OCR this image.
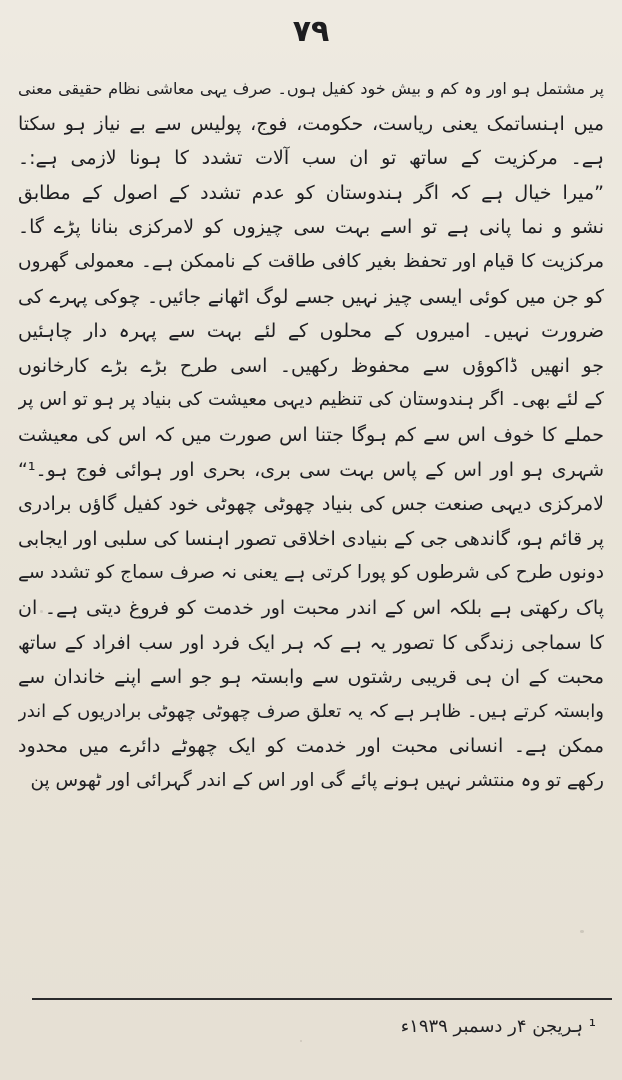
٧٩
پر مشتمل ہو اور وہ کم و بیش خود کفیل ہوں۔ صرف یہی معاشی نظام حقیقی معنی
میں اہنساتمک یعنی ریاست، حکومت، فوج، پولیس سے بے نیاز ہو سکتا
ہے۔ مرکزیت کے ساتھ تو ان سب آلات تشدد کا ہونا لازمی ہے:۔
”میرا خیال ہے کہ اگر ہندوستان کو عدم تشدد کے اصول کے مطابق
نشو و نما پانی ہے تو اسے بہت سی چیزوں کو لامرکزی بنانا پڑے گا۔
مرکزیت کا قیام اور تحفظ بغیر کافی طاقت کے ناممکن ہے۔ معمولی گھروں
کو جن میں کوئی ایسی چیز نہیں جسے لوگ اٹھانے جائیں۔ چوکی پہرے کی
ضرورت نہیں۔ امیروں کے محلوں کے لئے بہت سے پہرہ دار چاہئیں
جو انھیں ڈاکوؤں سے محفوظ رکھیں۔ اسی طرح بڑے بڑے کارخانوں
کے لئے بھی۔ اگر ہندوستان کی تنظیم دیہی معیشت کی بنیاد پر ہو تو اس پر
حملے کا خوف اس سے کم ہوگا جتنا اس صورت میں کہ اس کی معیشت
شہری ہو اور اس کے پاس بہت سی بری، بحری اور ہوائی فوج ہو۔¹“
لامرکزی دیہی صنعت جس کی بنیاد چھوٹی چھوٹی خود کفیل گاؤں برادری
پر قائم ہو، گاندھی جی کے بنیادی اخلاقی تصور اہنسا کی سلبی اور ایجابی
دونوں طرح کی شرطوں کو پورا کرتی ہے یعنی نہ صرف سماج کو تشدد سے
پاک رکھتی ہے بلکہ اس کے اندر محبت اور خدمت کو فروغ دیتی ہے۔ ان
کا سماجی زندگی کا تصور یہ ہے کہ ہر ایک فرد اور سب افراد کے ساتھ
محبت کے ان ہی قریبی رشتوں سے وابستہ ہو جو اسے اپنے خاندان سے
وابستہ کرتے ہیں۔ ظاہر ہے کہ یہ تعلق صرف چھوٹی چھوٹی برادریوں کے اندر
ممکن ہے۔ انسانی محبت اور خدمت کو ایک چھوٹے دائرے میں محدود
رکھے تو وہ منتشر نہیں ہونے پائے گی اور اس کے اندر گہرائی اور ٹھوس پن
¹ ہریجن ۴ر دسمبر ۱۹۳۹ء
